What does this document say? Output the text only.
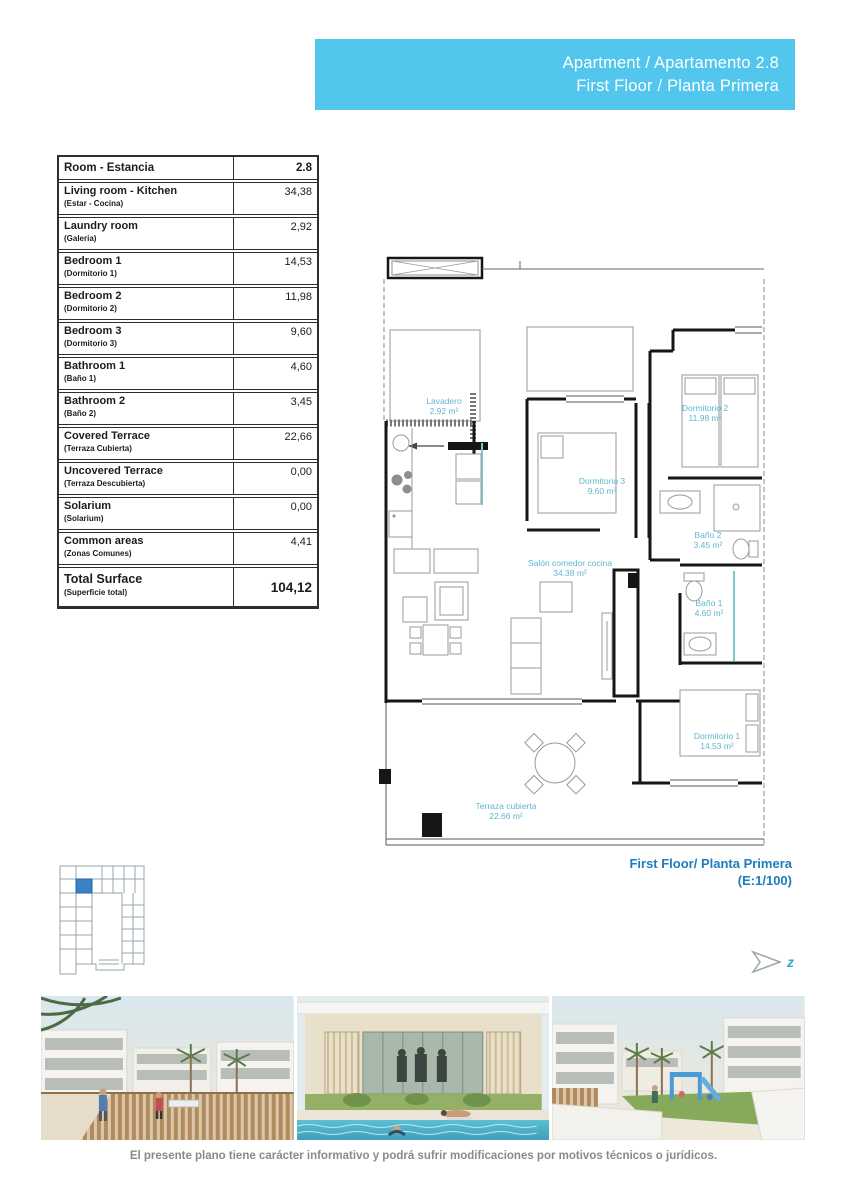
Apartment / Apartamento 2.8
First Floor / Planta Primera
Room - Estancia	2.8
Living room - Kitchen
(Estar - Cocina)
34,38
Laundry room
(Galeria)
2,92
Bedroom 1
(Dormitorio 1)
14,53
Bedroom 2
(Dormitorio 2)
11,98
Bedroom 3
(Dormitorio 3)
9,60
Bathroom 1
(Baño 1)
4,60
Bathroom 2
(Baño 2)
3,45
Covered Terrace
(Terraza Cubierta)
22,66
Uncovered Terrace
(Terraza Descubierta)
0,00
Solarium
(Solarium)
0,00
Common areas
(Zonas Comunes)
4,41
Total Surface
(Superficie total)	104,12
Lavadero
2.92 m²
Dormitorio 3
9.60 m²
Dormitorio 2
11.98 m²
Baño 2
3.45 m²
Salón comedor cocina
34.38 m²
Baño 1
4.60 m²
Dormitorio 1
14.53 m²
Terraza cubierta
22.66 m²
First Floor/ Planta Primera
(E:1/100)
z
El presente plano tiene carácter informativo y podrá sufrir modificaciones por motivos técnicos o jurídicos.
